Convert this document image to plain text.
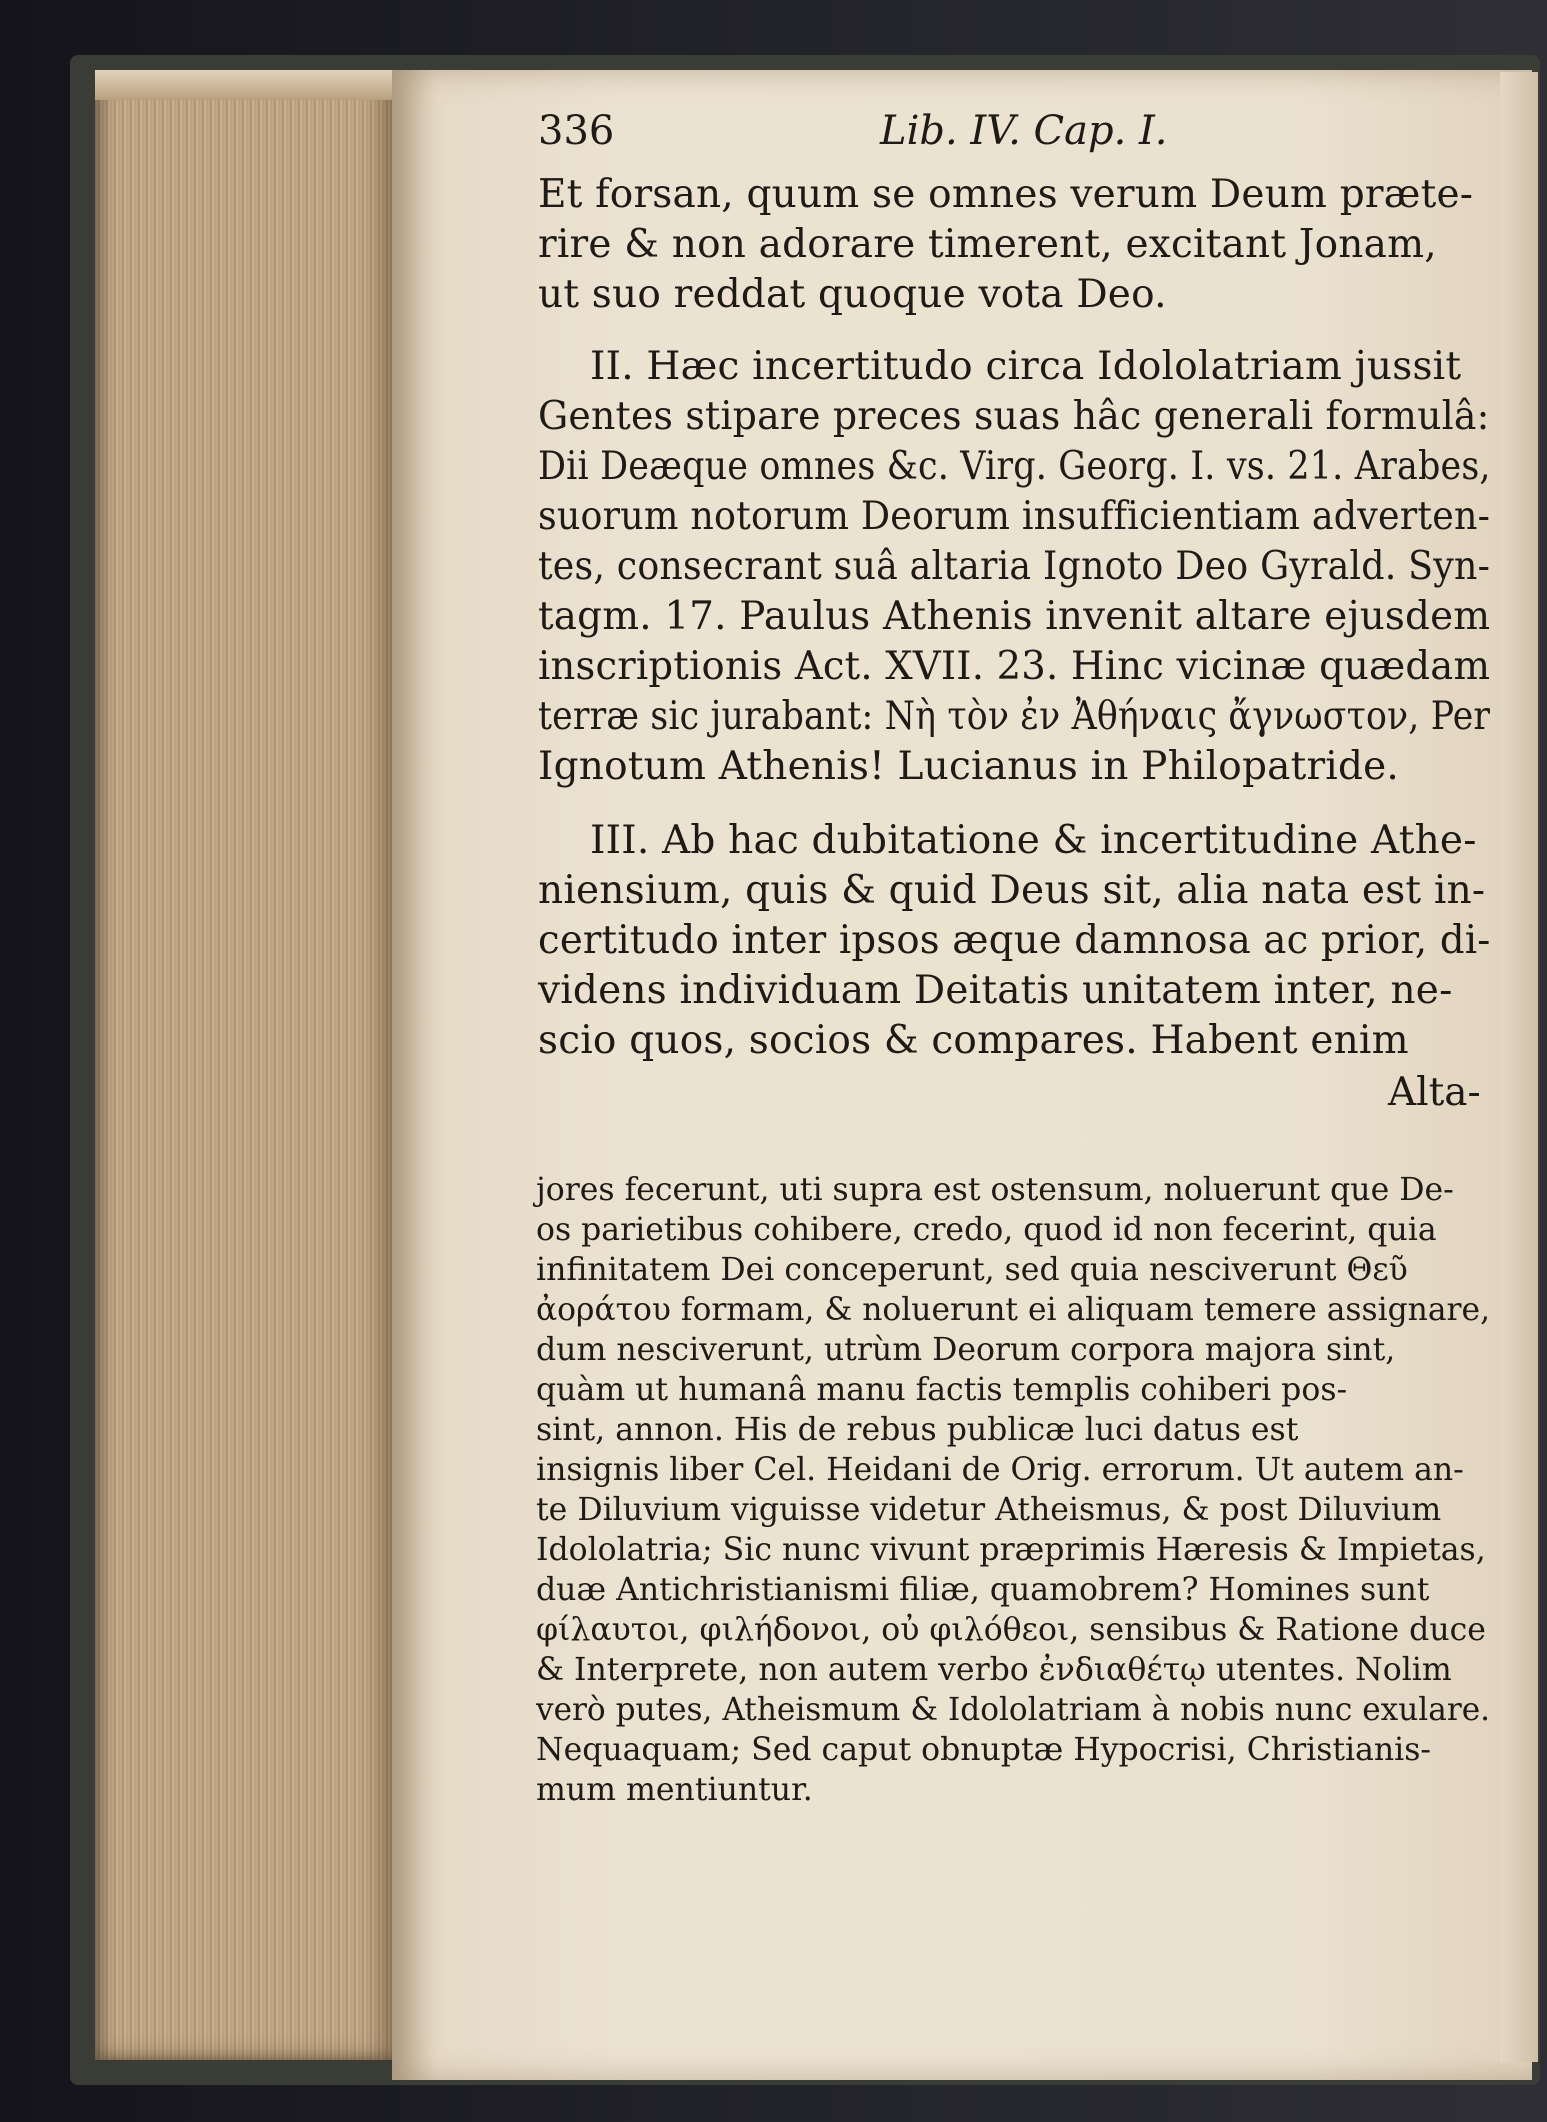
336	Lib. IV. Cap. I.
Et forsan, quum se omnes verum Deum præte-
rire & non adorare timerent, excitant Jonam,
ut suo reddat quoque vota Deo.
II. Hæc incertitudo circa Idololatriam jussit
Gentes stipare preces suas hâc generali formulâ:
Dii Deæque omnes &c. Virg. Georg. I. vs. 21. Arabes,
suorum notorum Deorum insufficientiam adverten-
tes, consecrant suâ altaria Ignoto Deo Gyrald. Syn-
tagm. 17. Paulus Athenis invenit altare ejusdem
inscriptionis Act. XVII. 23. Hinc vicinæ quædam
terræ sic jurabant: Νὴ τὸν ἐν Ἀθήναις ἄγνωστον, Per
Ignotum Athenis! Lucianus in Philopatride.
III. Ab hac dubitatione & incertitudine Athe-
niensium, quis & quid Deus sit, alia nata est in-
certitudo inter ipsos æque damnosa ac prior, di-
videns individuam Deitatis unitatem inter, ne-
scio quos, socios & compares. Habent enim
Alta-
jores fecerunt, uti supra est ostensum, noluerunt que De-
os parietibus cohibere, credo, quod id non fecerint, quia
infinitatem Dei conceperunt, sed quia nesciverunt Θεῦ
ἀοράτου formam, & noluerunt ei aliquam temere assignare,
dum nesciverunt, utrùm Deorum corpora majora sint,
quàm ut humanâ manu factis templis cohiberi pos-
sint, annon. His de rebus publicæ luci datus est
insignis liber Cel. Heidani de Orig. errorum. Ut autem an-
te Diluvium viguisse videtur Atheismus, & post Diluvium
Idololatria; Sic nunc vivunt præprimis Hæresis & Impietas,
duæ Antichristianismi filiæ, quamobrem? Homines sunt
φίλαυτοι, φιλήδονοι, οὐ φιλόθεοι, sensibus & Ratione duce
& Interprete, non autem verbo ἐνδιαθέτῳ utentes. Nolim
verò putes, Atheismum & Idololatriam à nobis nunc exulare.
Nequaquam; Sed caput obnuptæ Hypocrisi, Christianis-
mum mentiuntur.
